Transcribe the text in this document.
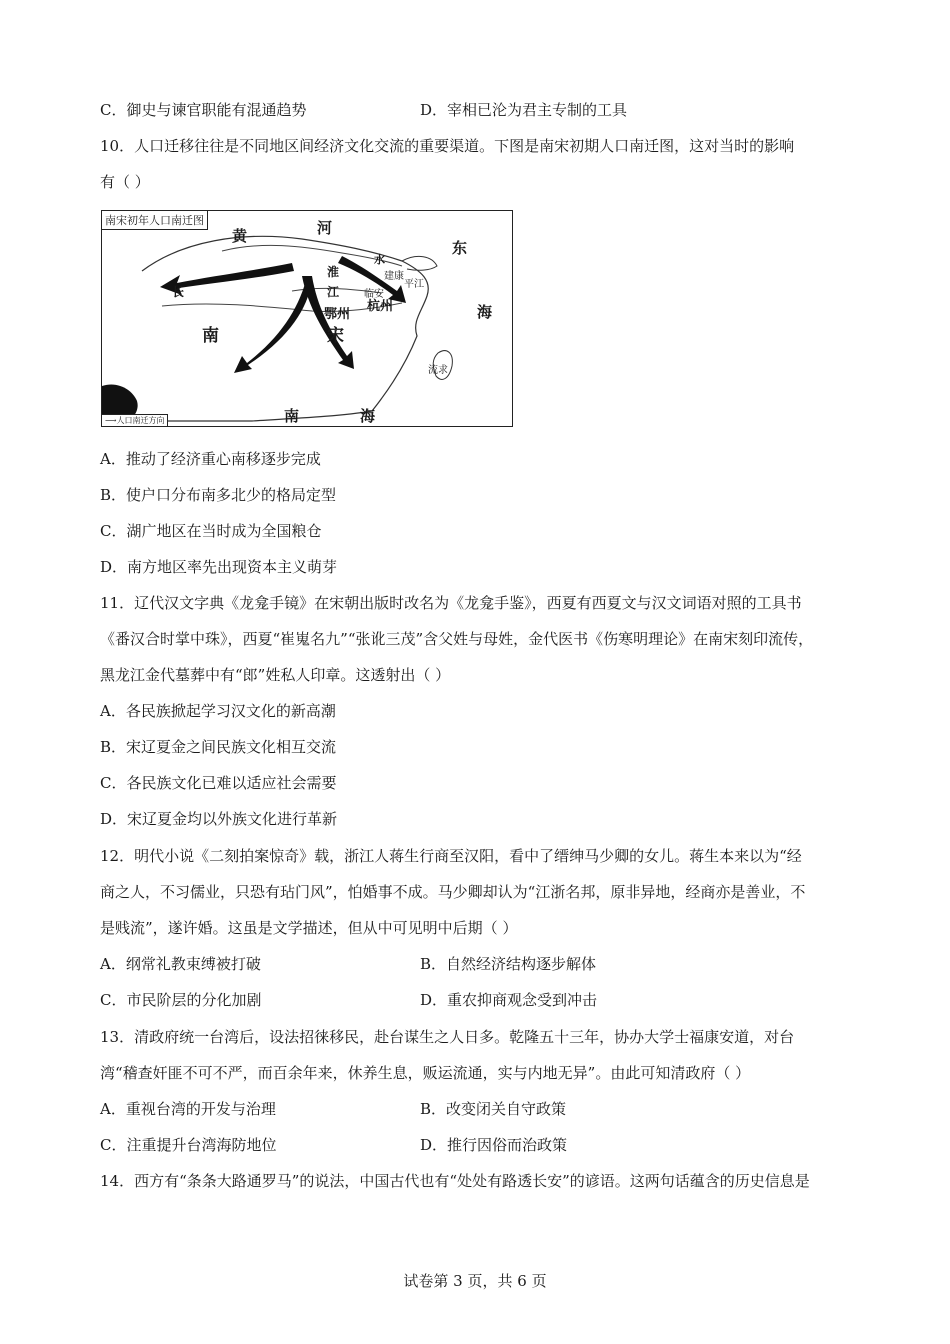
C．御史与谏官职能有混通趋势	D．宰相已沦为君主专制的工具
10．人口迁移往往是不同地区间经济文化交流的重要渠道。下图是南宋初期人口南迁图，这对当时的影响
有（ ）
南宋初年人口南迁图
黄	河
东
淮
长	江
水
建康
平江
临安
杭州
鄂州
南	宋
海
流求
南	海
⟶人口南迁方向
A．推动了经济重心南移逐步完成
B．使户口分布南多北少的格局定型
C．湖广地区在当时成为全国粮仓
D．南方地区率先出现资本主义萌芽
11．辽代汉文字典《龙龛手镜》在宋朝出版时改名为《龙龛手鉴》，西夏有西夏文与汉文词语对照的工具书
《番汉合时掌中珠》，西夏“崔嵬名九”“张讹三茂”含父姓与母姓，金代医书《伤寒明理论》在南宋刻印流传，
黑龙江金代墓葬中有“郎”姓私人印章。这透射出（ ）
A．各民族掀起学习汉文化的新高潮
B．宋辽夏金之间民族文化相互交流
C．各民族文化已难以适应社会需要
D．宋辽夏金均以外族文化进行革新
12．明代小说《二刻拍案惊奇》载，浙江人蒋生行商至汉阳，看中了缙绅马少卿的女儿。蒋生本来以为“经
商之人，不习儒业，只恐有玷门风”，怕婚事不成。马少卿却认为“江浙名邦，原非异地，经商亦是善业，不
是贱流”，遂许婚。这虽是文学描述，但从中可见明中后期（ ）
A．纲常礼教束缚被打破	B．自然经济结构逐步解体
C．市民阶层的分化加剧	D．重农抑商观念受到冲击
13．清政府统一台湾后，设法招徕移民，赴台谋生之人日多。乾隆五十三年，协办大学士福康安道，对台
湾“稽查奸匪不可不严，而百余年来，休养生息，贩运流通，实与内地无异”。由此可知清政府（ ）
A．重视台湾的开发与治理	B．改变闭关自守政策
C．注重提升台湾海防地位	D．推行因俗而治政策
14．西方有“条条大路通罗马”的说法，中国古代也有“处处有路透长安”的谚语。这两句话蕴含的历史信息是
试卷第 3 页，共 6 页
